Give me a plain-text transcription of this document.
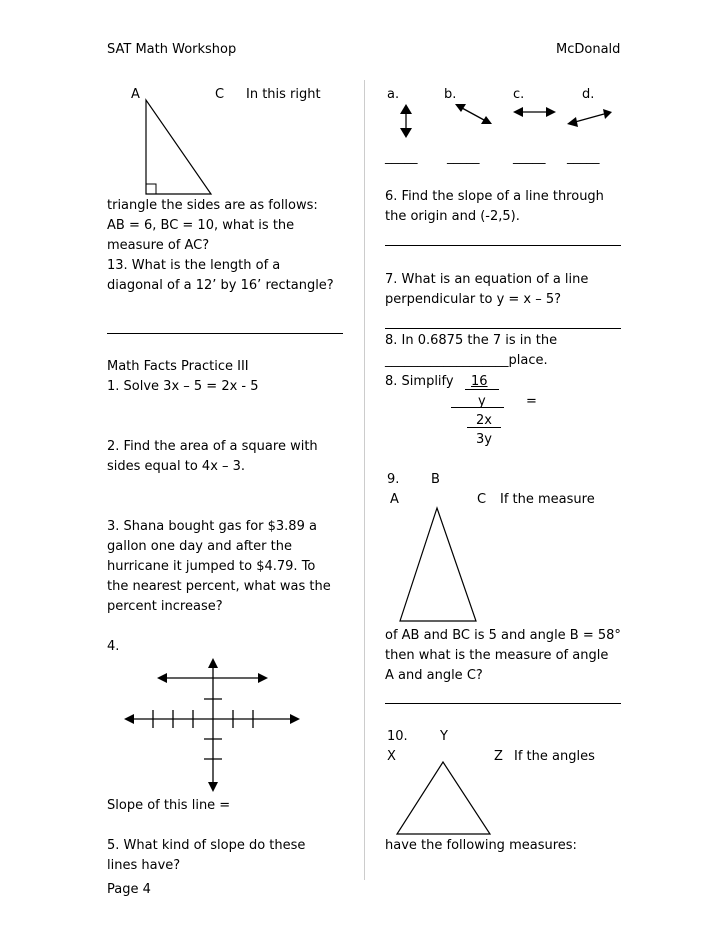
SAT Math Workshop	McDonald
A	C In this right
triangle the sides are as follows:
AB = 6, BC = 10, what is the
measure of AC?
13. What is the length of a
diagonal of a 12’ by 16’ rectangle?
Math Facts Practice III
1. Solve 3x – 5 = 2x - 5
2. Find the area of a square with
sides equal to 4x – 3.
3. Shana bought gas for $3.89 a
gallon one day and after the
hurricane it jumped to $4.79. To
the nearest percent, what was the
percent increase?
4.
Slope of this line =
5. What kind of slope do these
lines have?
Page 4
a.	b.	c.	d.
_____ _____	_____ _____
6. Find the slope of a line through
the origin and (-2,5).
7. What is an equation of a line
perpendicular to y = x – 5?
8. In 0.6875 the 7 is in the
___________________place.
8. Simplify 16
y	=
2x
3y
9. B
A	C If the measure
of AB and BC is 5 and angle B = 58°
then what is the measure of angle
A and angle C?
10. Y
X	Z If the angles
have the following measures:
